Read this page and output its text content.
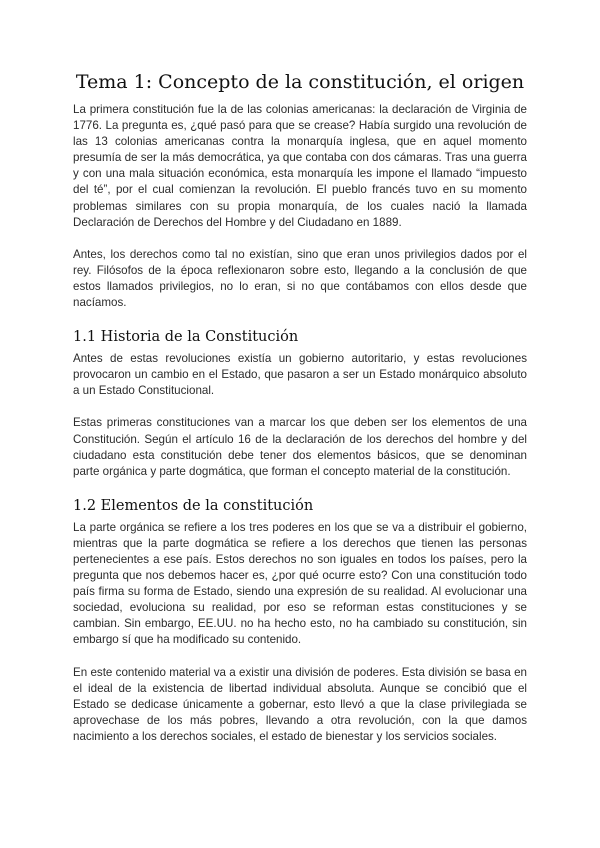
Tema 1: Concepto de la constitución, el origen

La primera constitución fue la de las colonias americanas: la declaración de Virginia de 1776. La pregunta es, ¿qué pasó para que se crease? Había surgido una revolución de las 13 colonias americanas contra la monarquía inglesa, que en aquel momento presumía de ser la más democrática, ya que contaba con dos cámaras. Tras una guerra y con una mala situación económica, esta monarquía les impone el llamado “impuesto del té”, por el cual comienzan la revolución. El pueblo francés tuvo en su momento problemas similares con su propia monarquía, de los cuales nació la llamada Declaración de Derechos del Hombre y del Ciudadano en 1889.

Antes, los derechos como tal no existían, sino que eran unos privilegios dados por el rey. Filósofos de la época reflexionaron sobre esto, llegando a la conclusión de que estos llamados privilegios, no lo eran, si no que contábamos con ellos desde que nacíamos.

1.1 Historia de la Constitución

Antes de estas revoluciones existía un gobierno autoritario, y estas revoluciones provocaron un cambio en el Estado, que pasaron a ser un Estado monárquico absoluto a un Estado Constitucional.

Estas primeras constituciones van a marcar los que deben ser los elementos de una Constitución. Según el artículo 16 de la declaración de los derechos del hombre y del ciudadano esta constitución debe tener dos elementos básicos, que se denominan parte orgánica y parte dogmática, que forman el concepto material de la constitución.

1.2 Elementos de la constitución

La parte orgánica se refiere a los tres poderes en los que se va a distribuir el gobierno, mientras que la parte dogmática se refiere a los derechos que tienen las personas pertenecientes a ese país. Estos derechos no son iguales en todos los países, pero la pregunta que nos debemos hacer es, ¿por qué ocurre esto? Con una constitución todo país firma su forma de Estado, siendo una expresión de su realidad. Al evolucionar una sociedad, evoluciona su realidad, por eso se reforman estas constituciones y se cambian. Sin embargo, EE.UU. no ha hecho esto, no ha cambiado su constitución, sin embargo sí que ha modificado su contenido.

En este contenido material va a existir una división de poderes. Esta división se basa en el ideal de la existencia de libertad individual absoluta. Aunque se concibió que el Estado se dedicase únicamente a gobernar, esto llevó a que la clase privilegiada se aprovechase de los más pobres, llevando a otra revolución, con la que damos nacimiento a los derechos sociales, el estado de bienestar y los servicios sociales.
